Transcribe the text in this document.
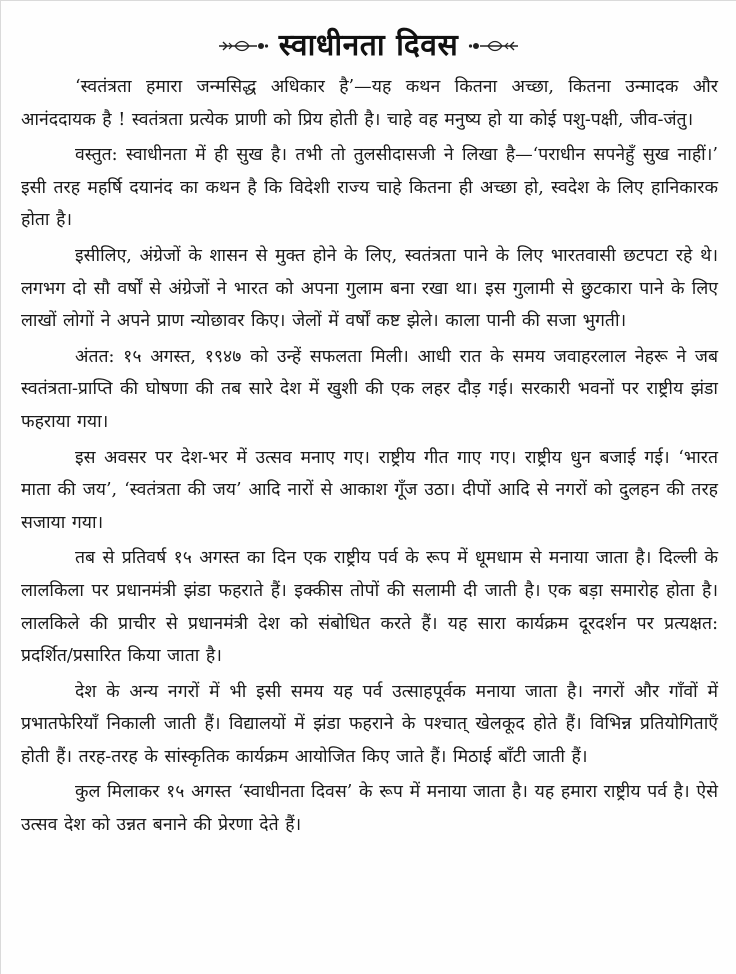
स्वाधीनता दिवस

‘स्वतंत्रता हमारा जन्मसिद्ध अधिकार है’—यह कथन कितना अच्छा, कितना उन्मादक और आनंददायक है ! स्वतंत्रता प्रत्येक प्राणी को प्रिय होती है। चाहे वह मनुष्य हो या कोई पशु-पक्षी, जीव-जंतु।

वस्तुत: स्वाधीनता में ही सुख है। तभी तो तुलसीदासजी ने लिखा है—‘पराधीन सपनेहुँ सुख नाहीं।’ इसी तरह महर्षि दयानंद का कथन है कि विदेशी राज्य चाहे कितना ही अच्छा हो, स्वदेश के लिए हानिकारक होता है।

इसीलिए, अंग्रेजों के शासन से मुक्त होने के लिए, स्वतंत्रता पाने के लिए भारतवासी छटपटा रहे थे। लगभग दो सौ वर्षों से अंग्रेजों ने भारत को अपना गुलाम बना रखा था। इस गुलामी से छुटकारा पाने के लिए लाखों लोगों ने अपने प्राण न्योछावर किए। जेलों में वर्षों कष्ट झेले। काला पानी की सजा भुगती।

अंतत: १५ अगस्त, १९४७ को उन्हें सफलता मिली। आधी रात के समय जवाहरलाल नेहरू ने जब स्वतंत्रता-प्राप्ति की घोषणा की तब सारे देश में खुशी की एक लहर दौड़ गई। सरकारी भवनों पर राष्ट्रीय झंडा फहराया गया।

इस अवसर पर देश-भर में उत्सव मनाए गए। राष्ट्रीय गीत गाए गए। राष्ट्रीय धुन बजाई गई। ‘भारत माता की जय’, ‘स्वतंत्रता की जय’ आदि नारों से आकाश गूँज उठा। दीपों आदि से नगरों को दुलहन की तरह सजाया गया।

तब से प्रतिवर्ष १५ अगस्त का दिन एक राष्ट्रीय पर्व के रूप में धूमधाम से मनाया जाता है। दिल्ली के लालकिला पर प्रधानमंत्री झंडा फहराते हैं। इक्कीस तोपों की सलामी दी जाती है। एक बड़ा समारोह होता है। लालकिले की प्राचीर से प्रधानमंत्री देश को संबोधित करते हैं। यह सारा कार्यक्रम दूरदर्शन पर प्रत्यक्षत: प्रदर्शित/प्रसारित किया जाता है।

देश के अन्य नगरों में भी इसी समय यह पर्व उत्साहपूर्वक मनाया जाता है। नगरों और गाँवों में प्रभातफेरियाँ निकाली जाती हैं। विद्यालयों में झंडा फहराने के पश्चात् खेलकूद होते हैं। विभिन्न प्रतियोगिताएँ होती हैं। तरह-तरह के सांस्कृतिक कार्यक्रम आयोजित किए जाते हैं। मिठाई बाँटी जाती हैं।

कुल मिलाकर १५ अगस्त ‘स्वाधीनता दिवस’ के रूप में मनाया जाता है। यह हमारा राष्ट्रीय पर्व है। ऐसे उत्सव देश को उन्नत बनाने की प्रेरणा देते हैं।
